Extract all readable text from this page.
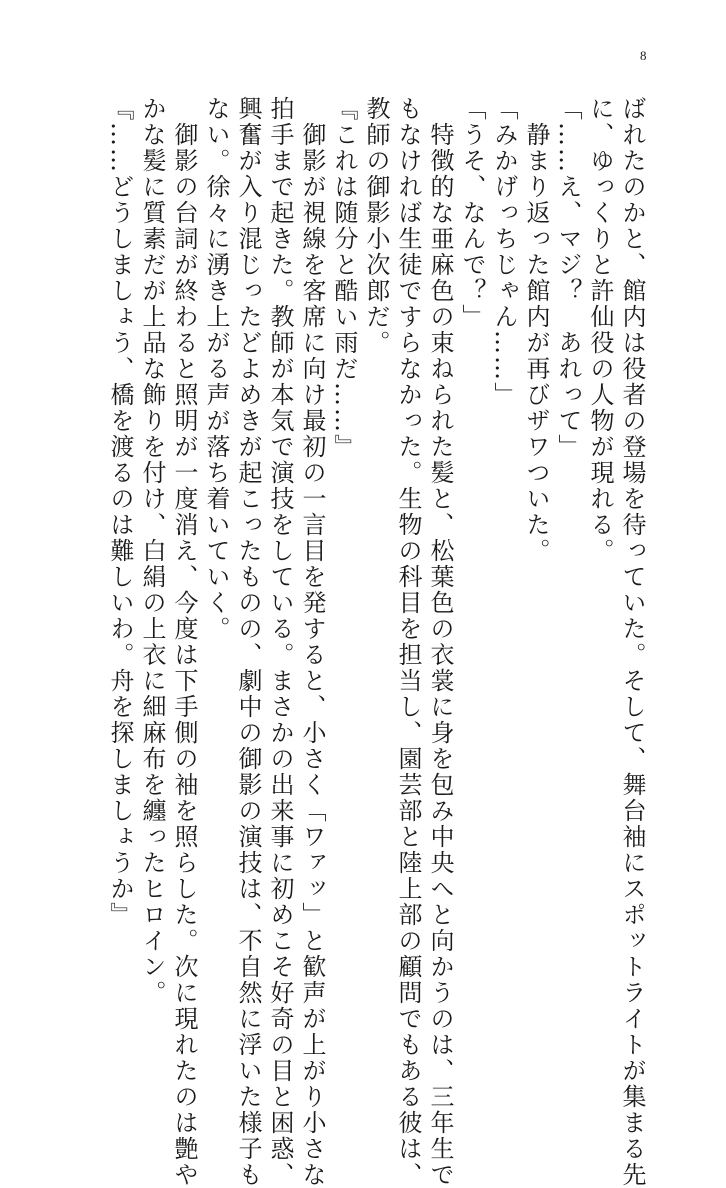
8

ばれたのかと、館内は役者の登場を待っていた。そして、舞台袖にスポットライトが集まる先

に、ゆっくりと許仙役の人物が現れる。

「……え、マジ？　あれって」

　静まり返った館内が再びザワついた。

「みかげっちじゃん……」

「うそ、なんで？」

　特徴的な亜麻色の束ねられた髪と、松葉色の衣裳に身を包み中央へと向かうのは、三年生で

もなければ生徒ですらなかった。生物の科目を担当し、園芸部と陸上部の顧問でもある彼は、

教師の御影小次郎だ。

『これは随分と酷い雨だ……』

　御影が視線を客席に向け最初の一言目を発すると、小さく「ワァッ」と歓声が上がり小さな

拍手まで起きた。教師が本気で演技をしている。まさかの出来事に初めこそ好奇の目と困惑、

興奮が入り混じったどよめきが起こったものの、劇中の御影の演技は、不自然に浮いた様子も

ない。徐々に湧き上がる声が落ち着いていく。

　御影の台詞が終わると照明が一度消え、今度は下手側の袖を照らした。次に現れたのは艶や

かな髪に質素だが上品な飾りを付け、白絹の上衣に細麻布を纏ったヒロイン。

『……どうしましょう、橋を渡るのは難しいわ。舟を探しましょうか』
